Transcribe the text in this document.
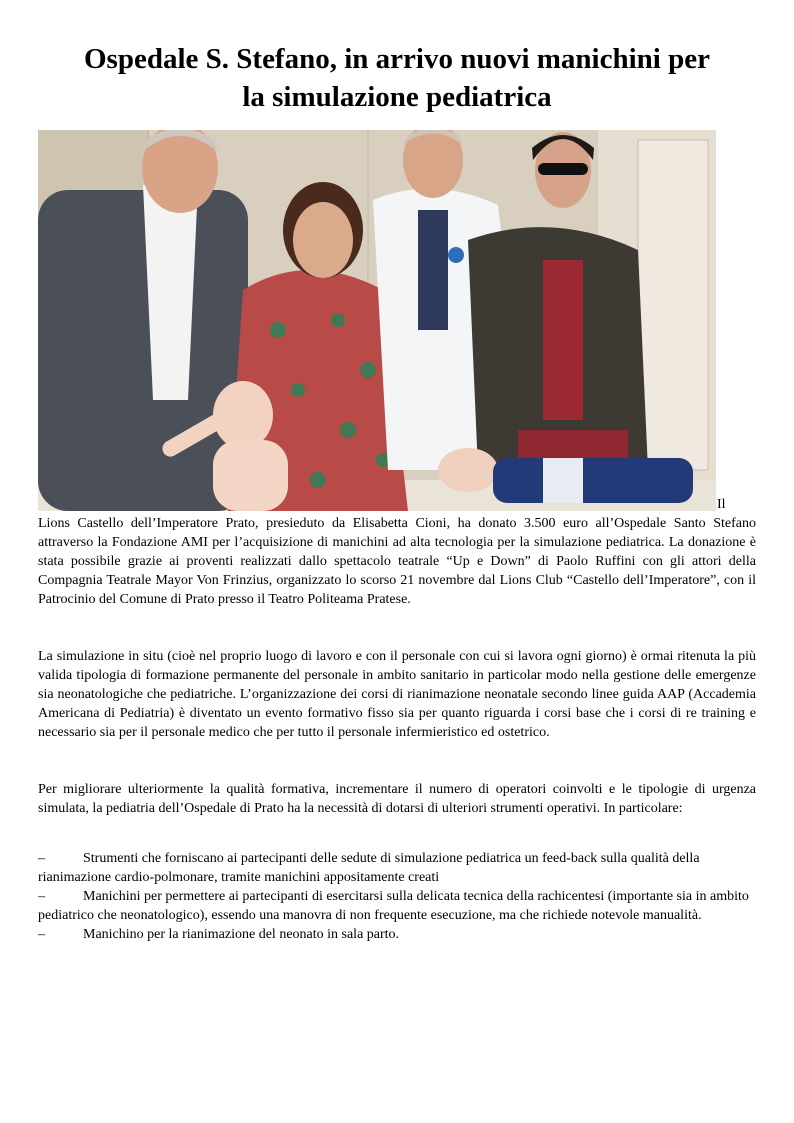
Ospedale S. Stefano, in arrivo nuovi manichini per
la simulazione pediatrica
Il

Lions Castello dell’Imperatore Prato, presieduto da Elisabetta Cioni, ha donato 3.500 euro all’Ospedale Santo Stefano attraverso la Fondazione AMI per l’acquisizione di manichini ad alta tecnologia per la simulazione pediatrica. La donazione è stata possibile grazie ai proventi realizzati dallo spettacolo teatrale “Up e Down” di Paolo Ruffini con gli attori della Compagnia Teatrale Mayor Von Frinzius, organizzato lo scorso 21 novembre dal Lions Club “Castello dell’Imperatore”, con il Patrocinio del Comune di Prato presso il Teatro Politeama Pratese.

La simulazione in situ (cioè nel proprio luogo di lavoro e con il personale con cui si lavora ogni giorno) è ormai ritenuta la più valida tipologia di formazione permanente del personale in ambito sanitario in particolar modo nella gestione delle emergenze sia neonatologiche che pediatriche. L’organizzazione dei corsi di rianimazione neonatale secondo linee guida AAP (Accademia Americana di Pediatria) è diventato un evento formativo fisso sia per quanto riguarda i corsi base che i corsi di re training e necessario sia per il personale medico che per tutto il personale infermieristico ed ostetrico.

Per migliorare ulteriormente la qualità formativa, incrementare il numero di operatori coinvolti e le tipologie di urgenza simulata, la pediatria dell’Ospedale di Prato ha la necessità di dotarsi di ulteriori strumenti operativi. In particolare:

–	Strumenti che forniscano ai partecipanti delle sedute di simulazione pediatrica un feed-back sulla qualità della rianimazione cardio-polmonare, tramite manichini appositamente creati
–	Manichini per permettere ai partecipanti di esercitarsi sulla delicata tecnica della rachicentesi (importante sia in ambito pediatrico che neonatologico), essendo una manovra di non frequente esecuzione, ma che richiede notevole manualità.
–	Manichino per la rianimazione del neonato in sala parto.
